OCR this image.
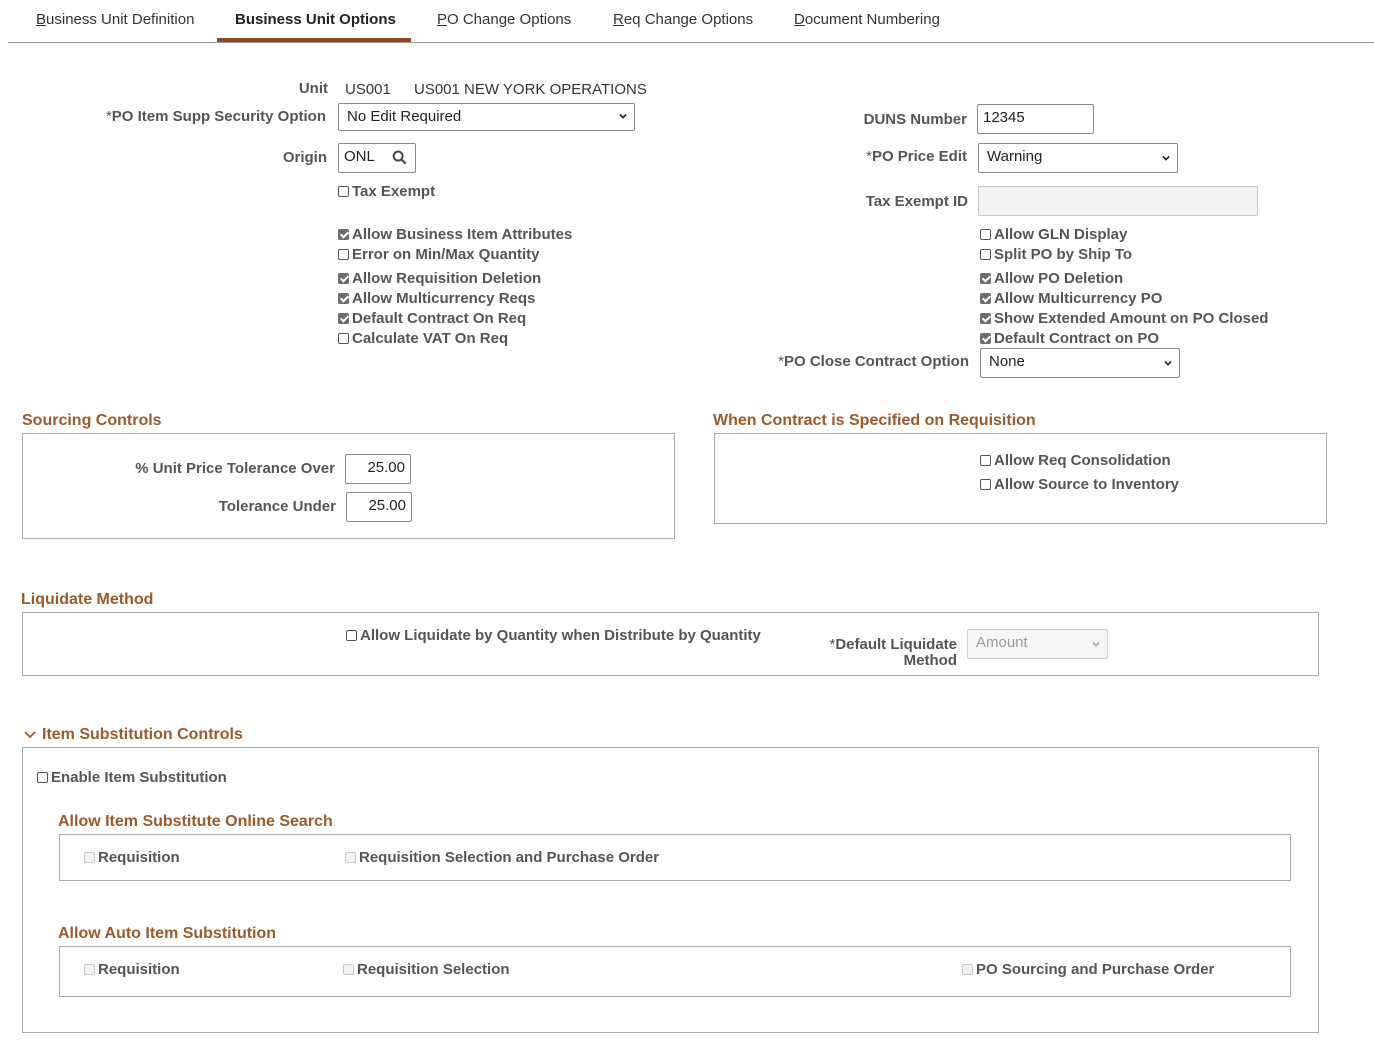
Business Unit Definition	Business Unit Options	PO Change Options	Req Change Options	Document Numbering
Unit US001 US001 NEW YORK OPERATIONS
*PO Item Supp Security Option	No Edit Required	DUNS Number	12345
Origin	ONL	*PO Price Edit	Warning
Tax Exempt
Tax Exempt ID
Allow Business Item Attributes
Error on Min/Max Quantity
Allow Requisition Deletion
Allow Multicurrency Reqs
Default Contract On Req
Calculate VAT On Req
Allow GLN Display
Split PO by Ship To
Allow PO Deletion
Allow Multicurrency PO
Show Extended Amount on PO Closed
Default Contract on PO
*PO Close Contract Option	None
Sourcing Controls
% Unit Price Tolerance Over	25.00
Tolerance Under	25.00
When Contract is Specified on Requisition
Allow Req Consolidation
Allow Source to Inventory
Liquidate Method
Allow Liquidate by Quantity when Distribute by Quantity
*Default Liquidate
Method
Amount
Item Substitution Controls
Enable Item Substitution
Allow Item Substitute Online Search
Requisition	Requisition Selection and Purchase Order
Allow Auto Item Substitution
Requisition	Requisition Selection	PO Sourcing and Purchase Order
